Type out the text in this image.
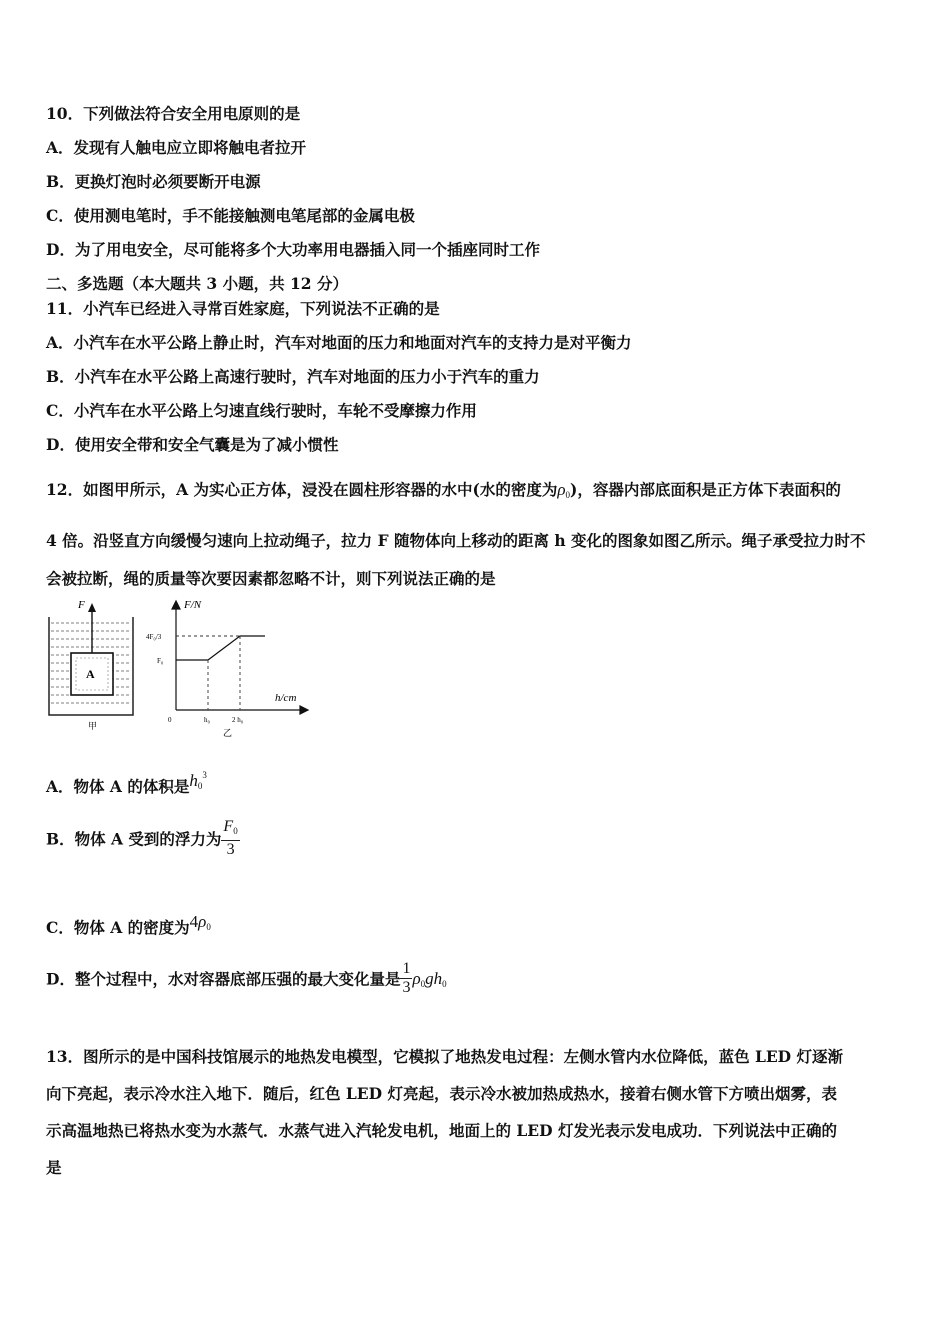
10．下列做法符合安全用电原则的是
A．发现有人触电应立即将触电者拉开
B．更换灯泡时必须要断开电源
C．使用测电笔时，手不能接触测电笔尾部的金属电极
D．为了用电安全，尽可能将多个大功率用电器插入同一个插座同时工作
二、多选题（本大题共 3 小题，共 12 分）
11．小汽车已经进入寻常百姓家庭，下列说法不正确的是
A．小汽车在水平公路上静止时，汽车对地面的压力和地面对汽车的支持力是对平衡力
B．小汽车在水平公路上高速行驶时，汽车对地面的压力小于汽车的重力
C．小汽车在水平公路上匀速直线行驶时，车轮不受摩擦力作用
D．使用安全带和安全气囊是为了减小惯性
12．如图甲所示，A 为实心正方体，浸没在圆柱形容器的水中(水的密度为$\rho_0$)，容器内部底面积是正方体下表面积的
4 倍。沿竖直方向缓慢匀速向上拉动绳子，拉力 F 随物体向上移动的距离 h 变化的图象如图乙所示。绳子承受拉力时不
会被拉断，绳的质量等次要因素都忽略不计，则下列说法正确的是
F
A
甲
F/N
4F₀/3
F₀
h/cm
0	h₀	2 h₀
乙
A．物体 A 的体积是$h_0^3$
B．物体 A 受到的浮力为 $\frac{F_0}{3}$
C．物体 A 的密度为$4\rho_0$
D．整个过程中，水对容器底部压强的最大变化量是 $\frac{1}{3} \rho_0gh_0$
13．图所示的是中国科技馆展示的地热发电模型，它模拟了地热发电过程：左侧水管内水位降低，蓝色 LED 灯逐渐
向下亮起，表示冷水注入地下．随后，红色 LED 灯亮起，表示冷水被加热成热水，接着右侧水管下方喷出烟雾，表
示高温地热已将热水变为水蒸气．水蒸气进入汽轮发电机，地面上的 LED 灯发光表示发电成功．下列说法中正确的
是
